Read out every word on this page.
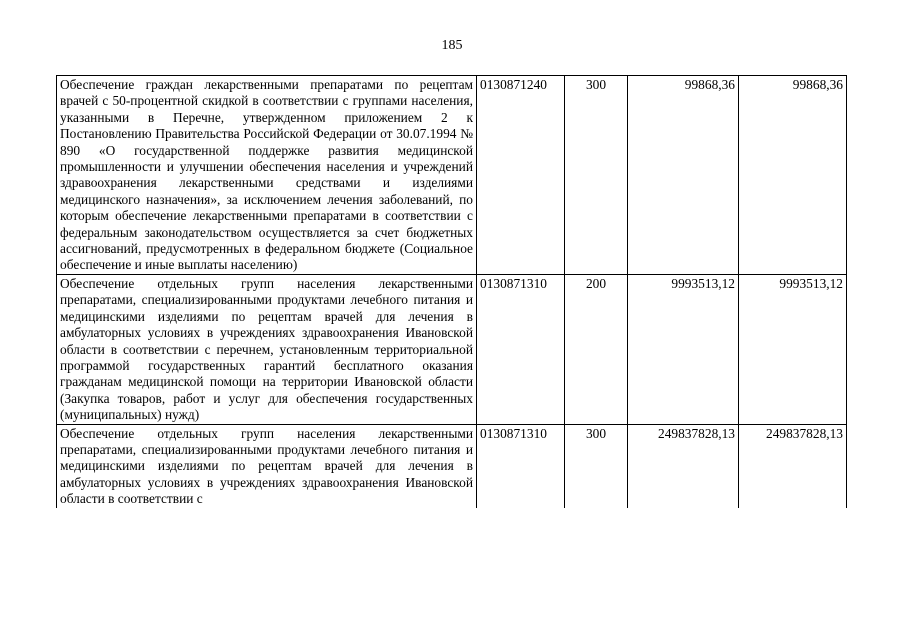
185
Обеспечение граждан лекарственными препаратами по рецептам врачей с 50-процентной скидкой в соответствии с группами населения, указанными в Перечне, утвержденном приложением 2 к Постановлению Правительства Российской Федерации от 30.07.1994 № 890 «О государственной поддержке развития медицинской промышленности и улучшении обеспечения населения и учреждений здравоохранения лекарственными средствами и изделиями медицинского назначения», за исключением лечения заболеваний, по которым обеспечение лекарственными препаратами в соответствии с федеральным законодательством осуществляется за счет бюджетных ассигнований, предусмотренных в федеральном бюджете (Социальное обеспечение и иные выплаты населению)	0130871240	300	99868,36	99868,36
Обеспечение отдельных групп населения лекарственными препаратами, специализированными продуктами лечебного питания и медицинскими изделиями по рецептам врачей для лечения в амбулаторных условиях в учреждениях здравоохранения Ивановской области в соответствии с перечнем, установленным территориальной программой государственных гарантий бесплатного оказания гражданам медицинской помощи на территории Ивановской области (Закупка товаров, работ и услуг для обеспечения государственных (муниципальных) нужд)	0130871310	200	9993513,12	9993513,12
Обеспечение отдельных групп населения лекарственными препаратами, специализированными продуктами лечебного питания и медицинскими изделиями по рецептам врачей для лечения в амбулаторных условиях в учреждениях здравоохранения Ивановской области в соответствии с	0130871310	300	249837828,13	249837828,13
